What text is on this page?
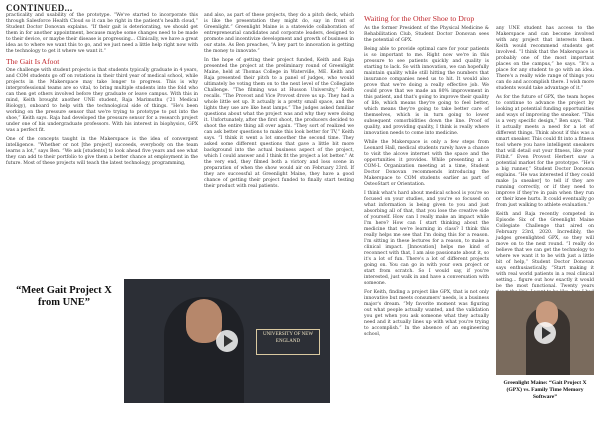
CONTINUED...

practicality and usability of the prototype. “We've started to incorporate this through Salesforce Health Cloud so it can be right in the patient's health cloud,” Student Doctor Donovan explains. “If their gait is deteriorating, we should get them in for another appointment, because maybe some changes need to be made to their device, or maybe their disease is progressing... Clinically, we have a great idea as to where we want this to go, and we just need a little help right now with the technology to get it where we want it.”

The Gait Is Afoot

One challenge with student projects is that students typically graduate in 4 years, and COM students go off on rotations in their third year of medical school, while projects in the Makerspace may take longer to progress. This is why interprofessional teams are so vital, to bring multiple students into the fold who can then get others involved before they graduate or leave campus. With this in mind, Keith brought another UNE student, Raja Marimuthu (’21 Medical Biology), onboard to help with the technological side of things. “He's been working on the pressure sensor that we're trying to prototype to put into the shoe,” Keith says. Raja had developed the pressure sensor for a research project under one of his undergraduate professors. With his interest in biophysics, GPX was a perfect fit.

One of the concepts taught in the Makerspace is the idea of convergent intelligence. “Whether or not [the project] succeeds, everybody on the team learns a lot,” says Ben. “We ask [students] to look ahead five years and see what they can add to their portfolio to give them a better chance at employment in the future. Most of these projects will teach the latest technology, programming,

and also, as part of these projects, they do a pitch deck, which is like the presentation they might do, say in front of Greenlight.” Greenlight Maine is a statewide collaboration of entrepreneurial candidates and corporate leaders, designed to promote and incentivize development and growth of business in our state. As Ben preaches, “A key part to innovation is getting the money to innovate.”

In the hope of getting their project funded, Keith and Raja presented the project at the preliminary round of Greenlight Maine, held at Thomas College in Waterville, ME. Keith and Raja presented their pitch to a panel of judges, who would ultimately be voting them on to the next level of the Collegiate Challenge. “The filming was at Husson University,” Keith recalls. “The Provost and Vice Provost drove us up. They had a whole little set up. It actually is a pretty small space, and the lights they use are like heat lamps.” The judges asked familiar questions about what the project was and why they were doing it. Unfortunately, after the first shoot, the producers decided to shoot the entire thing all over again. “They sort of realized we can ask better questions to make this look better for TV,” Keith says. “I think it went a lot smoother the second time. They asked some different questions that gave a little bit more background into the actual business aspect of the project, which I could answer and I think fit the project a lot better.” At the very end, they filmed both a victory and loss scene in preparation of when the show would air on February 23rd. If they are successful at Greenlight Maine, they have a good chance of getting their project funded to finally start testing their product with real patients.

Waiting for the Other Shoe to Drop

As the former President of the Physical Medicine & Rehabilitation Club, Student Doctor Donovan sees the potential of GPX.

Being able to provide optimal care for your patients is so important to me. Right now we're in this pressure to see patients quickly and quality is starting to lack. So with innovation, we can hopefully maintain quality while still hitting the numbers that insurance companies need us to hit. It would also prove that we're doing a really effective job. We could prove that we made an 80% improvement in this patient, and that's going to improve their quality of life, which means they're going to feel better, which means they're going to take better care of themselves, which is in turn going to lower subsequent comorbidities down the line. Proof of quality, and providing quality, I think is really where innovation needs to come into medicine.

While the Makerspace is only a few steps from Leonard Hall, medical students rarely have a chance to visit the alcove internet with the space and the opportunities it provides. While presenting at a COM-L Organization meeting at a time, Student Doctor Donovan recommends introducing the Makerspace to COM students earlier as part of OsteoStart or Orientation.

I think what's hard about medical school is you're so focused on your studies, and you're so focused on what information is being given to you and just absorbing all of that, that you lose the creative side of yourself. How can I really make an impact while I'm here? How can I start thinking about the medicine that we're learning in class? I think this really helps me see that I'm doing this for a reason. I'm sitting in these lectures for a reason, to make a clinical impact. [Innovation] helps me kind of reconnect with that, I am also passionate about it, so it's a lot of fun. There's a lot of different projects going on. You can go in with your own project or start from scratch. So I would say, if you're interested, just walk in and have a conversation with someone.

For Keith, finding a project like GPX, that is not only innovative but meets consumers' needs, is a business major's dream. “My favorite moment was figuring out what people actually wanted, and the validation you get when you ask someone what they actually need and it actually lines up with what you're trying to accomplish.” In the absence of an engineering school,

any UNE student has access to the Makerspace and can become involved with any project that interests them. Keith would recommend students get involved. “I think that the Makerspace is probably one of the most important places on the campus,” he says. “It's a place for any student to go with an idea. There's a really wide range of things you can do and accomplish there. I wish more students would take advantage of it.”

As for the future of GPX, the team hopes to continue to advance the project by looking at potential funding opportunities and ways of improving the sneaker. “This is a very specific design,” Ben says. “But it actually meets a need for a lot of different things. Think about if this was a smart sneaker. This could fit into a fitness tool where you have intelligent sneakers that will detail out your fitness, like your Fitbit.” Even Provost Herbert saw a potential market for the prototype. “He's a big runner,” Student Doctor Donovan explains. “He was interested if they could make [a sneaker] to tell if they are running correctly, or if they need to improve if they're in pain when they run or their knee hurts. It could eventually go from just walking to athlete evaluation.”

Keith and Raja recently competed in Episode Six of the Greenlight Maine Collegiate Challenge that aired on February 23rd, 2020. Incredibly, the judges greenlighted GPX, so they will move on to the next round. “I really do believe that we can get the technology to where we want it to be with just a little bit of help,” Student Doctor Donovan says enthusiastically. “Start making it with real world patients in a real clinical setting... figure out how exactly it would be the most functional. Twenty years

“Meet Gait Project X from UNE”
UNIVERSITY OF NEW ENGLAND
Greenlight Maine: “Gait Project X (GPX) vs. Family Time Memory Software”
